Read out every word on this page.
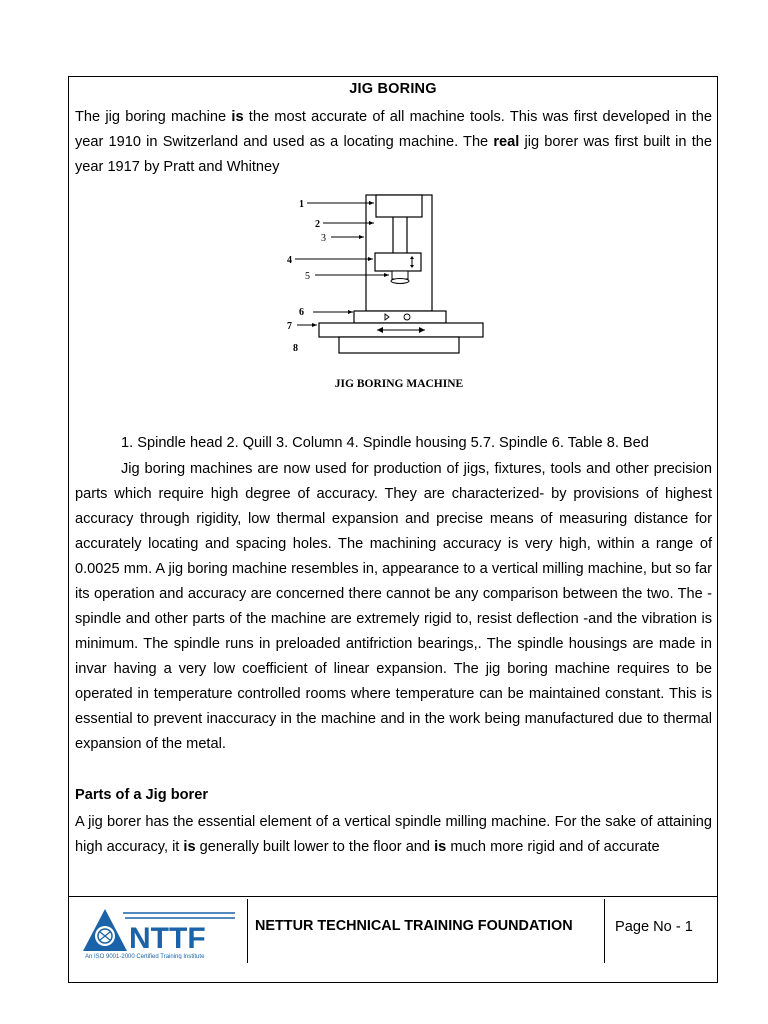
JIG BORING
The jig boring machine is the most accurate of all machine tools. This was first developed in the year 1910 in Switzerland and used as a locating machine. The real jig borer was first built in the year 1917 by Pratt and Whitney
1
2
3
4
5
6
7
8
JIG BORING MACHINE
1. Spindle head 2. Quill 3. Column 4. Spindle housing 5.7. Spindle 6. Table 8. Bed
Jig boring machines are now used for production of jigs, fixtures, tools and other precision parts which require high degree of accuracy. They are characterized- by provisions of highest accuracy through rigidity, low thermal expansion and precise means of measuring distance for accurately locating and spacing holes. The machining accuracy is very high, within a range of 0.0025 mm. A jig boring machine resembles in, appearance to a vertical milling machine, but so far its operation and accuracy are concerned there cannot be any comparison between the two. The -spindle and other parts of the machine are extremely rigid to, resist deflection -and the vibration is minimum. The spindle runs in preloaded antifriction bearings,. The spindle housings are made in invar having a very low coefficient of linear expansion. The jig boring machine requires to be operated in temperature controlled rooms where temperature can be maintained constant. This is essential to prevent inaccuracy in the machine and in the work being manufactured due to thermal expansion of the metal.
Parts of a Jig borer
A jig borer has the essential element of a vertical spindle milling machine. For the sake of attaining high accuracy, it is generally built lower to the floor and is much more rigid and of accurate
NTTF
An ISO 9001-2000 Certified Training Institute
NETTUR TECHNICAL TRAINING FOUNDATION	Page No - 1
